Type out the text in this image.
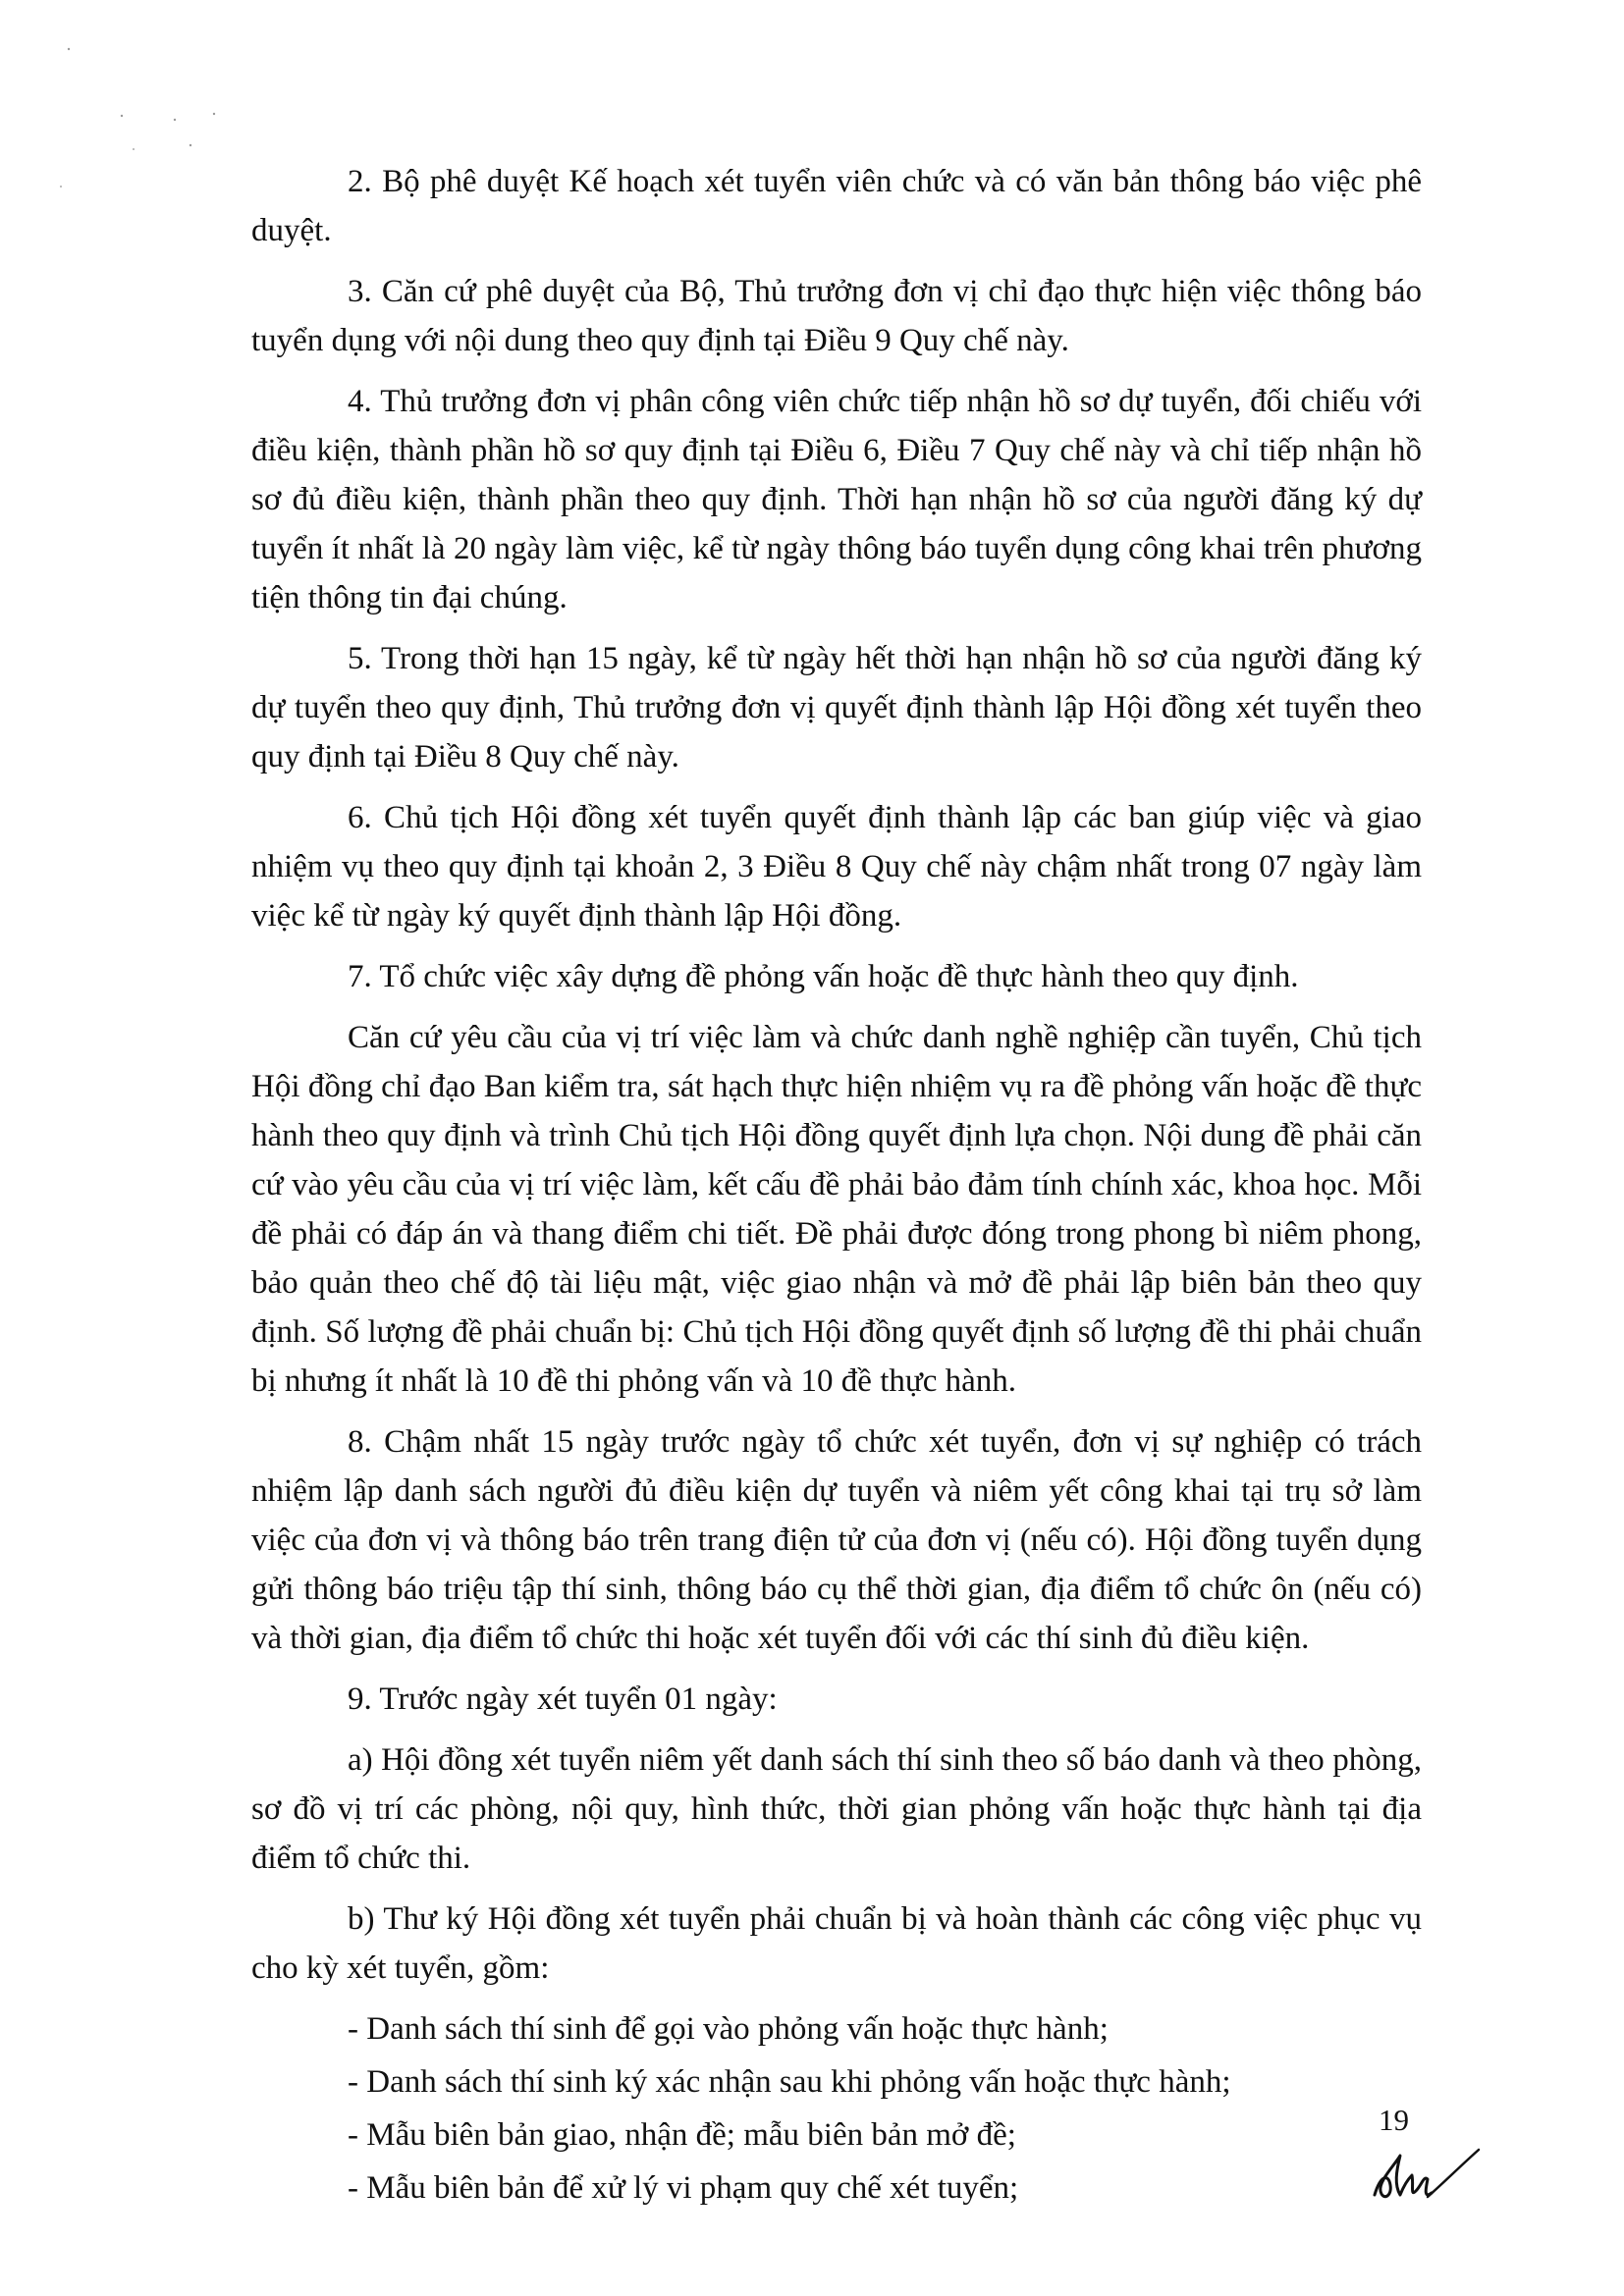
2. Bộ phê duyệt Kế hoạch xét tuyển viên chức và có văn bản thông báo việc phê duyệt.

3. Căn cứ phê duyệt của Bộ, Thủ trưởng đơn vị chỉ đạo thực hiện việc thông báo tuyển dụng với nội dung theo quy định tại Điều 9 Quy chế này.

4. Thủ trưởng đơn vị phân công viên chức tiếp nhận hồ sơ dự tuyển, đối chiếu với điều kiện, thành phần hồ sơ quy định tại Điều 6, Điều 7 Quy chế này và chỉ tiếp nhận hồ sơ đủ điều kiện, thành phần theo quy định. Thời hạn nhận hồ sơ của người đăng ký dự tuyển ít nhất là 20 ngày làm việc, kể từ ngày thông báo tuyển dụng công khai trên phương tiện thông tin đại chúng.

5. Trong thời hạn 15 ngày, kể từ ngày hết thời hạn nhận hồ sơ của người đăng ký dự tuyển theo quy định, Thủ trưởng đơn vị quyết định thành lập Hội đồng xét tuyển theo quy định tại Điều 8 Quy chế này.

6. Chủ tịch Hội đồng xét tuyển quyết định thành lập các ban giúp việc và giao nhiệm vụ theo quy định tại khoản 2, 3 Điều 8 Quy chế này chậm nhất trong 07 ngày làm việc kể từ ngày ký quyết định thành lập Hội đồng.

7. Tổ chức việc xây dựng đề phỏng vấn hoặc đề thực hành theo quy định.

Căn cứ yêu cầu của vị trí việc làm và chức danh nghề nghiệp cần tuyển, Chủ tịch Hội đồng chỉ đạo Ban kiểm tra, sát hạch thực hiện nhiệm vụ ra đề phỏng vấn hoặc đề thực hành theo quy định và trình Chủ tịch Hội đồng quyết định lựa chọn. Nội dung đề phải căn cứ vào yêu cầu của vị trí việc làm, kết cấu đề phải bảo đảm tính chính xác, khoa học. Mỗi đề phải có đáp án và thang điểm chi tiết. Đề phải được đóng trong phong bì niêm phong, bảo quản theo chế độ tài liệu mật, việc giao nhận và mở đề phải lập biên bản theo quy định. Số lượng đề phải chuẩn bị: Chủ tịch Hội đồng quyết định số lượng đề thi phải chuẩn bị nhưng ít nhất là 10 đề thi phỏng vấn và 10 đề thực hành.

8. Chậm nhất 15 ngày trước ngày tổ chức xét tuyển, đơn vị sự nghiệp có trách nhiệm lập danh sách người đủ điều kiện dự tuyển và niêm yết công khai tại trụ sở làm việc của đơn vị và thông báo trên trang điện tử của đơn vị (nếu có). Hội đồng tuyển dụng gửi thông báo triệu tập thí sinh, thông báo cụ thể thời gian, địa điểm tổ chức ôn (nếu có) và thời gian, địa điểm tổ chức thi hoặc xét tuyển đối với các thí sinh đủ điều kiện.

9. Trước ngày xét tuyển 01 ngày:

a) Hội đồng xét tuyển niêm yết danh sách thí sinh theo số báo danh và theo phòng, sơ đồ vị trí các phòng, nội quy, hình thức, thời gian phỏng vấn hoặc thực hành tại địa điểm tổ chức thi.

b) Thư ký Hội đồng xét tuyển phải chuẩn bị và hoàn thành các công việc phục vụ cho kỳ xét tuyển, gồm:

- Danh sách thí sinh để gọi vào phỏng vấn hoặc thực hành;

- Danh sách thí sinh ký xác nhận sau khi phỏng vấn hoặc thực hành;

- Mẫu biên bản giao, nhận đề; mẫu biên bản mở đề;

- Mẫu biên bản để xử lý vi phạm quy chế xét tuyển;

19
